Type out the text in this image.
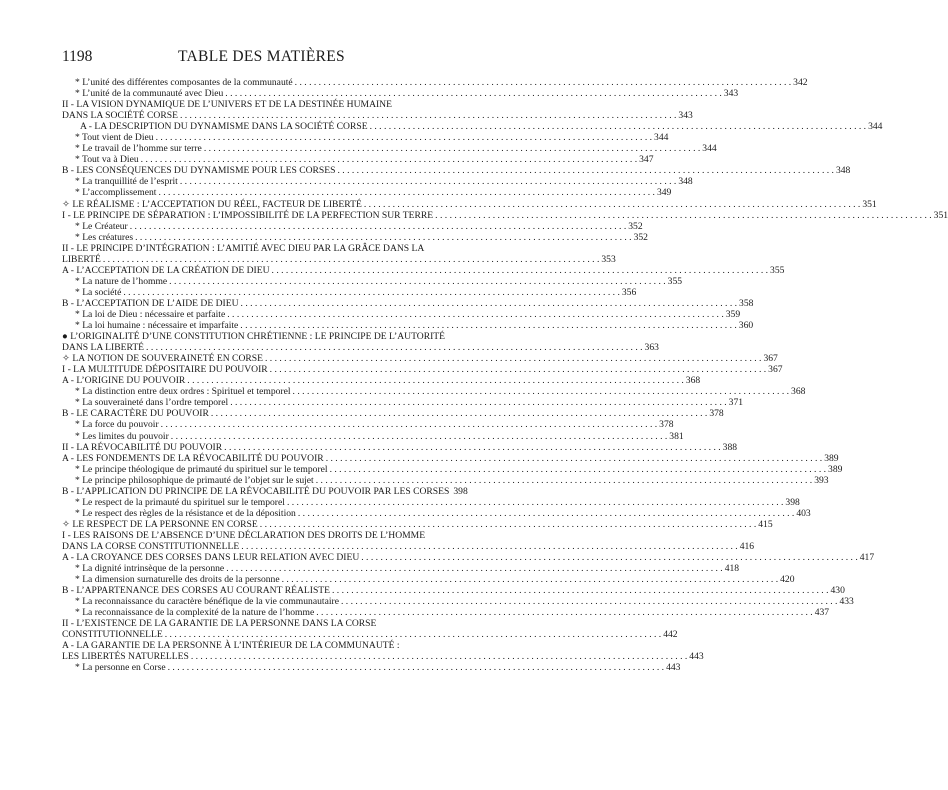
1198	TABLE DES MATIÈRES
* L’unité des différentes composantes de la communauté . . .	342
* L’unité de la communauté avec Dieu . . .	343
II - LA VISION DYNAMIQUE DE L’UNIVERS ET DE LA DESTINÉE HUMAINE
DANS LA SOCIÉTÉ CORSE . . .	343
A - LA DESCRIPTION DU DYNAMISME DANS LA SOCIÉTÉ CORSE . . .	344
* Tout vient de Dieu . . .	344
* Le travail de l’homme sur terre . . .	344
* Tout va à Dieu . . .	347
B - LES CONSÉQUENCES DU DYNAMISME POUR LES CORSES . . .	348
* La tranquillité de l’esprit . . .	348
* L’accomplissement . . .	349
✧ LE RÉALISME : L’ACCEPTATION DU RÉEL, FACTEUR DE LIBERTÉ . . .	351
I - LE PRINCIPE DE SÉPARATION : L’IMPOSSIBILITÉ DE LA PERFECTION SUR TERRE . . .	351
* Le Créateur . . .	352
* Les créatures . . .	352
II - LE PRINCIPE D’INTÉGRATION : L’AMITIÉ AVEC DIEU PAR LA GRÂCE DANS LA
LIBERTÉ . . .	353
A - L’ACCEPTATION DE LA CRÉATION DE DIEU . . .	355
* La nature de l’homme . . .	355
* La société . . .	356
B - L’ACCEPTATION DE L’AIDE DE DIEU . . .	358
* La loi de Dieu : nécessaire et parfaite . . .	359
* La loi humaine : nécessaire et imparfaite . . .	360
● L’ORIGINALITÉ D’UNE CONSTITUTION CHRÉTIENNE : LE PRINCIPE DE L’AUTORITÉ
DANS LA LIBERTÉ . . .	363
✧ LA NOTION DE SOUVERAINETÉ EN CORSE . . .	367
I - LA MULTITUDE DÉPOSITAIRE DU POUVOIR . . .	367
A - L’ORIGINE DU POUVOIR . . .	368
* La distinction entre deux ordres : Spirituel et temporel . . .	368
* La souveraineté dans l’ordre temporel . . .	371
B - LE CARACTÈRE DU POUVOIR . . .	378
* La force du pouvoir . . .	378
* Les limites du pouvoir . . .	381
II - LA RÉVOCABILITÉ DU POUVOIR . . .	388
A - LES FONDEMENTS DE LA RÉVOCABILITÉ DU POUVOIR . . .	389
* Le principe théologique de primauté du spirituel sur le temporel . . .	389
* Le principe philosophique de primauté de l’objet sur le sujet . . .	393
B - L’APPLICATION DU PRINCIPE DE LA RÉVOCABILITÉ DU POUVOIR PAR LES CORSES 398
* Le respect de la primauté du spirituel sur le temporel . . .	398
* Le respect des règles de la résistance et de la déposition . . .	403
✧ LE RESPECT DE LA PERSONNE EN CORSE . . .	415
I - LES RAISONS DE L’ABSENCE D’UNE DÉCLARATION DES DROITS DE L’HOMME
DANS LA CORSE CONSTITUTIONNELLE . . .	416
A - LA CROYANCE DES CORSES DANS LEUR RELATION AVEC DIEU . . .	417
* La dignité intrinsèque de la personne . . .	418
* La dimension surnaturelle des droits de la personne . . .	420
B - L’APPARTENANCE DES CORSES AU COURANT RÉALISTE . . .	430
* La reconnaissance du caractère bénéfique de la vie communautaire . . .	433
* La reconnaissance de la complexité de la nature de l’homme . . .	437
II - L’EXISTENCE DE LA GARANTIE DE LA PERSONNE DANS LA CORSE
CONSTITUTIONNELLE . . .	442
A - LA GARANTIE DE LA PERSONNE À L’INTÉRIEUR DE LA COMMUNAUTÉ :
LES LIBERTÉS NATURELLES . . .	443
* La personne en Corse . . .	443
